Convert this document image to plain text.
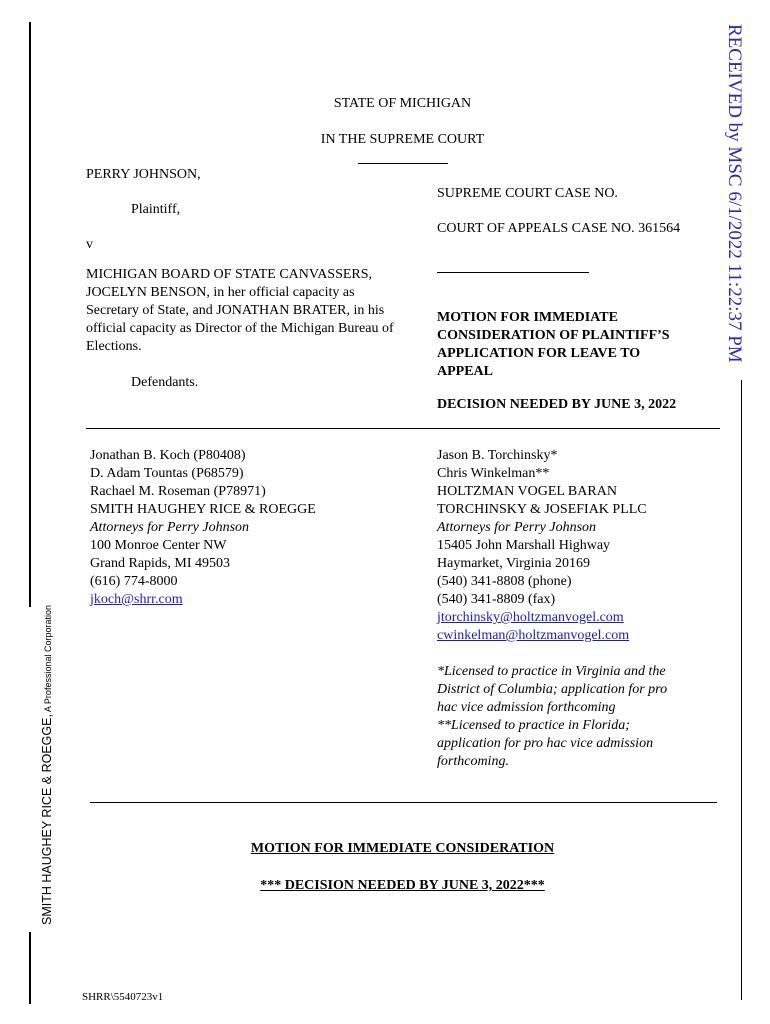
RECEIVED by MSC 6/1/2022 11:22:37 PM
SMITH HAUGHEY RICE & ROEGGE, A Professional Corporation
STATE OF MICHIGAN
IN THE SUPREME COURT
PERRY JOHNSON,
Plaintiff,
v
MICHIGAN BOARD OF STATE CANVASSERS,
JOCELYN BENSON, in her official capacity as
Secretary of State, and JONATHAN BRATER, in his
official capacity as Director of the Michigan Bureau of
Elections.
Defendants.
SUPREME COURT CASE NO.
COURT OF APPEALS CASE NO. 361564
MOTION FOR IMMEDIATE
CONSIDERATION OF PLAINTIFF’S
APPLICATION FOR LEAVE TO
APPEAL
DECISION NEEDED BY JUNE 3, 2022
Jonathan B. Koch (P80408)
D. Adam Tountas (P68579)
Rachael M. Roseman (P78971)
SMITH HAUGHEY RICE & ROEGGE
Attorneys for Perry Johnson
100 Monroe Center NW
Grand Rapids, MI 49503
(616) 774-8000
jkoch@shrr.com
Jason B. Torchinsky*
Chris Winkelman**
HOLTZMAN VOGEL BARAN
TORCHINSKY & JOSEFIAK PLLC
Attorneys for Perry Johnson
15405 John Marshall Highway
Haymarket, Virginia 20169
(540) 341-8808 (phone)
(540) 341-8809 (fax)
jtorchinsky@holtzmanvogel.com
cwinkelman@holtzmanvogel.com
*Licensed to practice in Virginia and the
District of Columbia; application for pro
hac vice admission forthcoming
**Licensed to practice in Florida;
application for pro hac vice admission
forthcoming.
MOTION FOR IMMEDIATE CONSIDERATION
*** DECISION NEEDED BY JUNE 3, 2022***
SHRR\5540723v1
